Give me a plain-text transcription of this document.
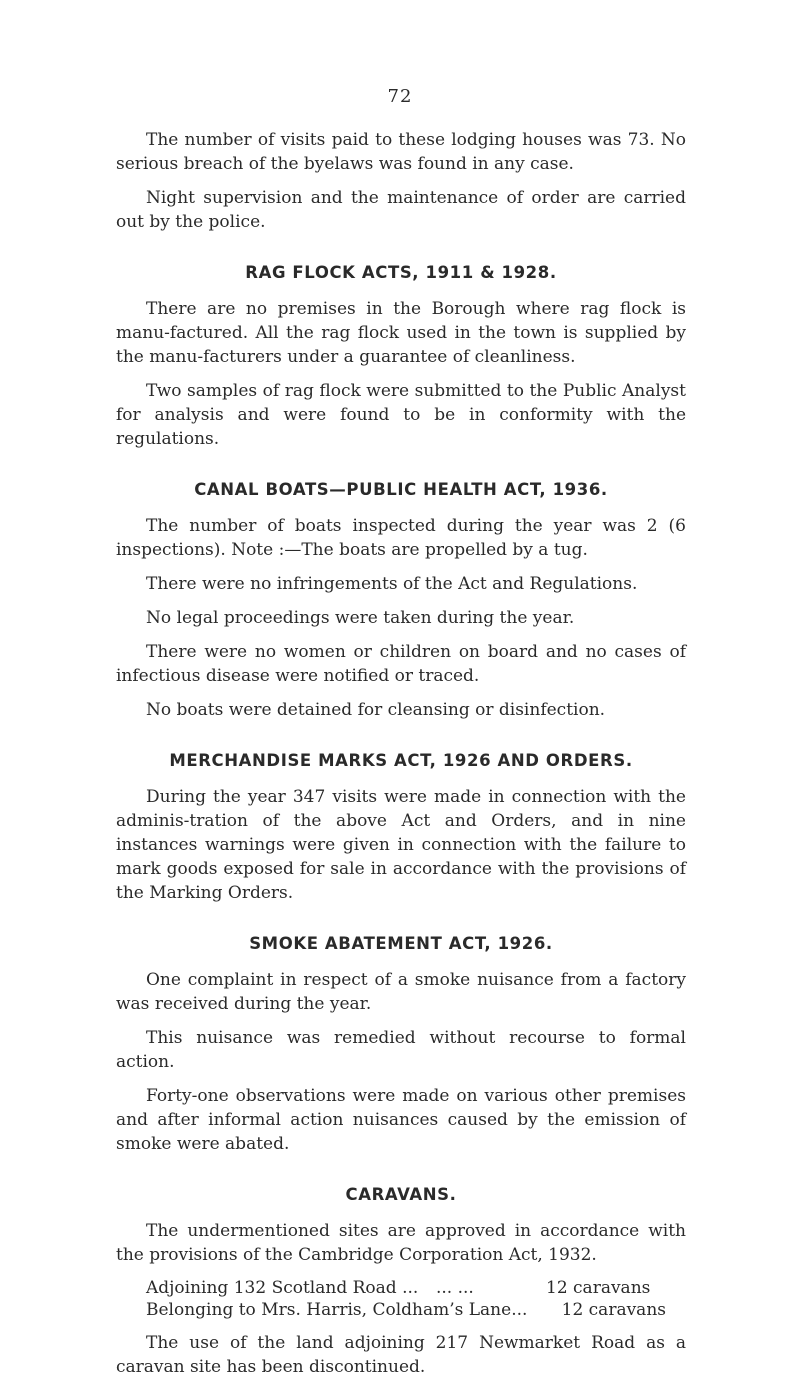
72

The number of visits paid to these lodging houses was 73. No serious breach of the byelaws was found in any case.

Night supervision and the maintenance of order are carried out by the police.

RAG FLOCK ACTS, 1911 & 1928.

There are no premises in the Borough where rag flock is manu-factured. All the rag flock used in the town is supplied by the manu-facturers under a guarantee of cleanliness.

Two samples of rag flock were submitted to the Public Analyst for analysis and were found to be in conformity with the regulations.

CANAL BOATS—PUBLIC HEALTH ACT, 1936.

The number of boats inspected during the year was 2 (6 inspections). Note :—The boats are propelled by a tug.

There were no infringements of the Act and Regulations.

No legal proceedings were taken during the year.

There were no women or children on board and no cases of infectious disease were notified or traced.

No boats were detained for cleansing or disinfection.

MERCHANDISE MARKS ACT, 1926 AND ORDERS.

During the year 347 visits were made in connection with the adminis-tration of the above Act and Orders, and in nine instances warnings were given in connection with the failure to mark goods exposed for sale in accordance with the provisions of the Marking Orders.

SMOKE ABATEMENT ACT, 1926.

One complaint in respect of a smoke nuisance from a factory was received during the year.

This nuisance was remedied without recourse to formal action.

Forty-one observations were made on various other premises and after informal action nuisances caused by the emission of smoke were abated.

CARAVANS.

The undermentioned sites are approved in accordance with the provisions of the Cambridge Corporation Act, 1932.

Adjoining 132 Scotland Road ...	... ...	12 caravans
Belonging to Mrs. Harris, Coldham’s Lane ...	12 caravans

The use of the land adjoining 217 Newmarket Road as a caravan site has been discontinued.
